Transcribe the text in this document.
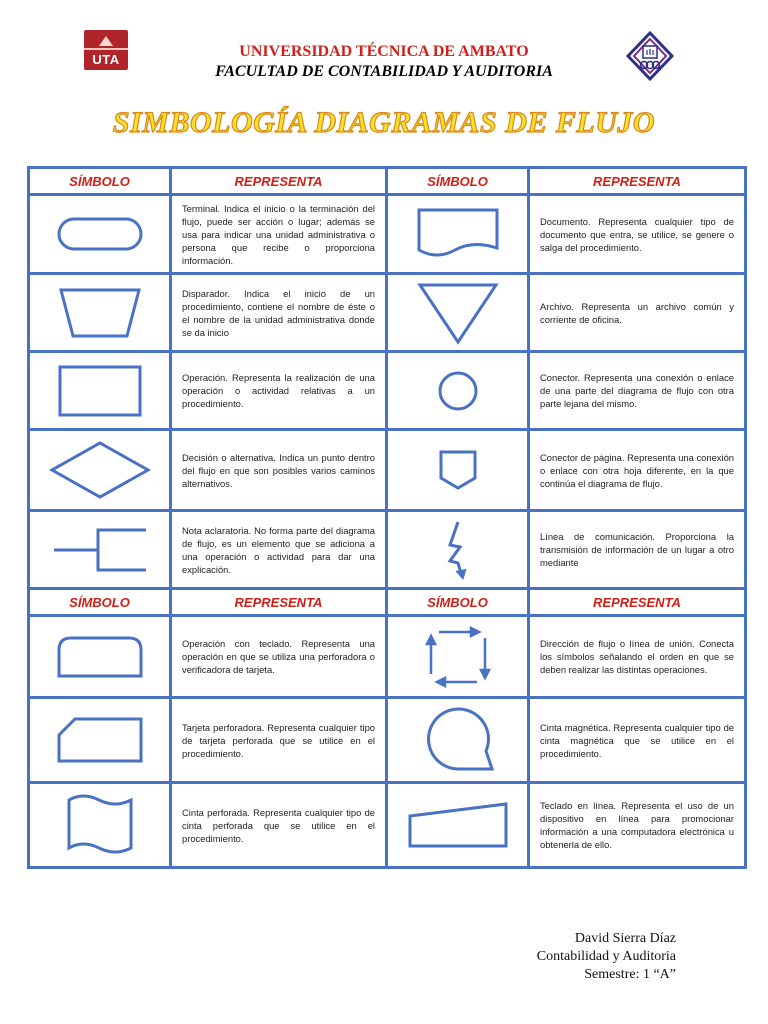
UTA	UNIVERSIDAD TÉCNICA DE AMBATO
FACULTAD DE CONTABILIDAD Y AUDITORIA
SIMBOLOGÍA DIAGRAMAS DE FLUJO
SÍMBOLO	REPRESENTA	SÍMBOLO	REPRESENTA

	Terminal. Indica el inicio o la terminación del flujo, puede ser acción o lugar; además se usa para indicar una unidad administrativa o persona que recibe o proporciona información.		Documento. Representa cualquier tipo de documento que entra, se utilice, se genere o salga del procedimiento.

	Disparador. Indica el inicio de un procedimiento, contiene el nombre de éste o el nombre de la unidad administrativa donde se da inicio		Archivo. Representa un archivo común y corriente de oficina.

	Operación. Representa la realización de una operación o actividad relativas a un procedimiento.		Conector. Representa una conexión o enlace de una parte del diagrama de flujo con otra parte lejana del mismo.

	Decisión o alternativa. Indica un punto dentro del flujo en que son posibles varios caminos alternativos.		Conector de página. Representa una conexión o enlace con otra hoja diferente, en la que continúa el diagrama de flujo.

	Nota aclaratoria. No forma parte del diagrama de flujo, es un elemento que se adiciona a una operación o actividad para dar una explicación.		Línea de comunicación. Proporciona la transmisión de información de un lugar a otro mediante
SÍMBOLO	REPRESENTA	SÍMBOLO	REPRESENTA

	Operación con teclado. Representa una operación en que se utiliza una perforadora o verificadora de tarjeta.		Dirección de flujo o línea de unión. Conecta los símbolos señalando el orden en que se deben realizar las distintas operaciones.

	Tarjeta perforadora. Representa cualquier tipo de tarjeta perforada que se utilice en el procedimiento.		Cinta magnética. Representa cualquier tipo de cinta magnética que se utilice en el procedimiento.

	Cinta perforada. Representa cualquier tipo de cinta perforada que se utilice en el procedimiento.		Teclado en línea. Representa el uso de un dispositivo en línea para promocionar información a una computadora electrónica u obtenerla de ello.
David Sierra Díaz
Contabilidad y Auditoria
Semestre: 1 “A”
